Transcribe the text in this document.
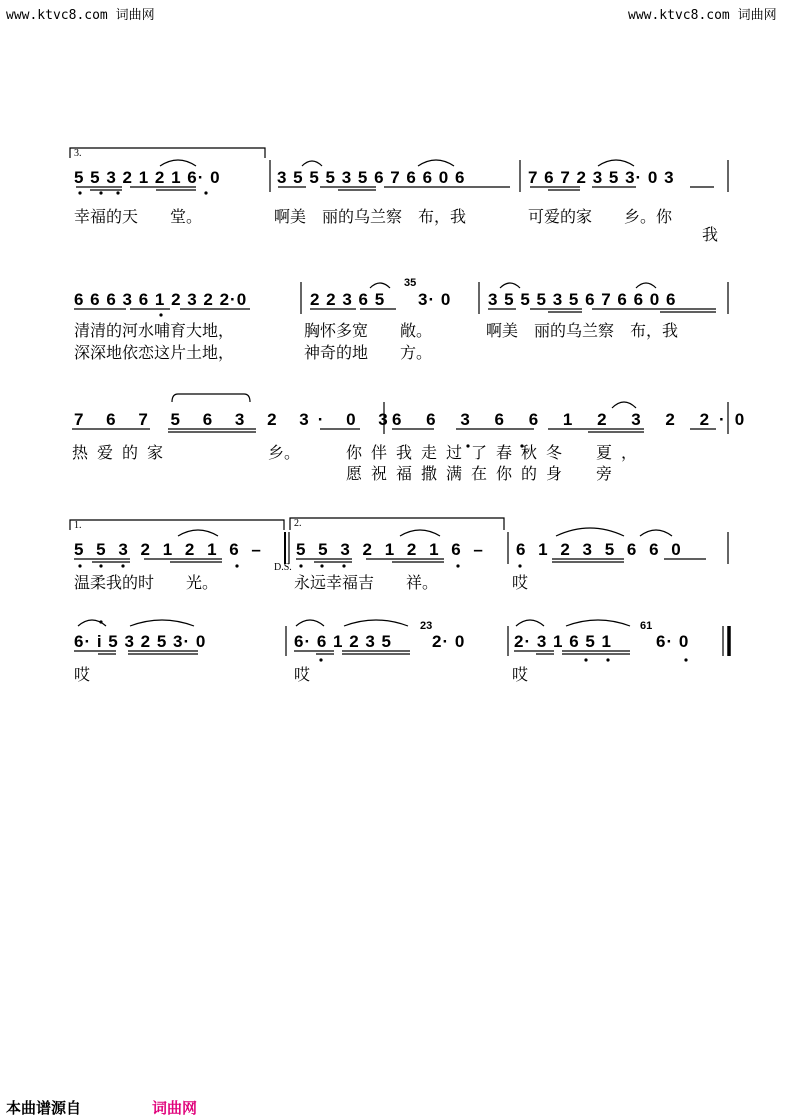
www.ktvc8.com 词曲网	www.ktvc8.com 词曲网
3.
5 5 3 2 1 2 1 6· 0	3 5 5 5 3 5 6 7 6 6 0 6	7 6 7 2 3 5 3· 0 3
幸福的天　　堂。	啊美　丽的乌兰察　布，我	可爱的家　　乡。你
我
6 6 6 3 6 1 2 3 2 2·0	2 2 3 6 5
35
3· 0 3 5 5 5 3 5 6 7 6 6 0 6
清清的河水哺育大地，	胸怀多宽　　敞。	啊美　丽的乌兰察　布，我
深深地依恋这片土地，	神奇的地　　方。
7 6 7 5 6 3 2 3· 0 3
6 6 3 6 6 1 2 3 2 2·0
热爱的家	乡。	你伴我走过了春秋冬　夏，
愿祝福撒满在你的身　旁
1.	2.
5 5 3 2 1 2 1 6 – 5 5 3 2 1 2 1 6 – 6 1 2 3 5 6 6 0
D.S.
温柔我的时　　光。	永远幸福吉　　祥。	哎
6· i 5 3 2 5 3· 0	6· 6 1 2 3 5
23
2· 0	2· 3 1 6 5 1
61
6· 0
哎	哎	哎
本曲谱源自	词曲网
